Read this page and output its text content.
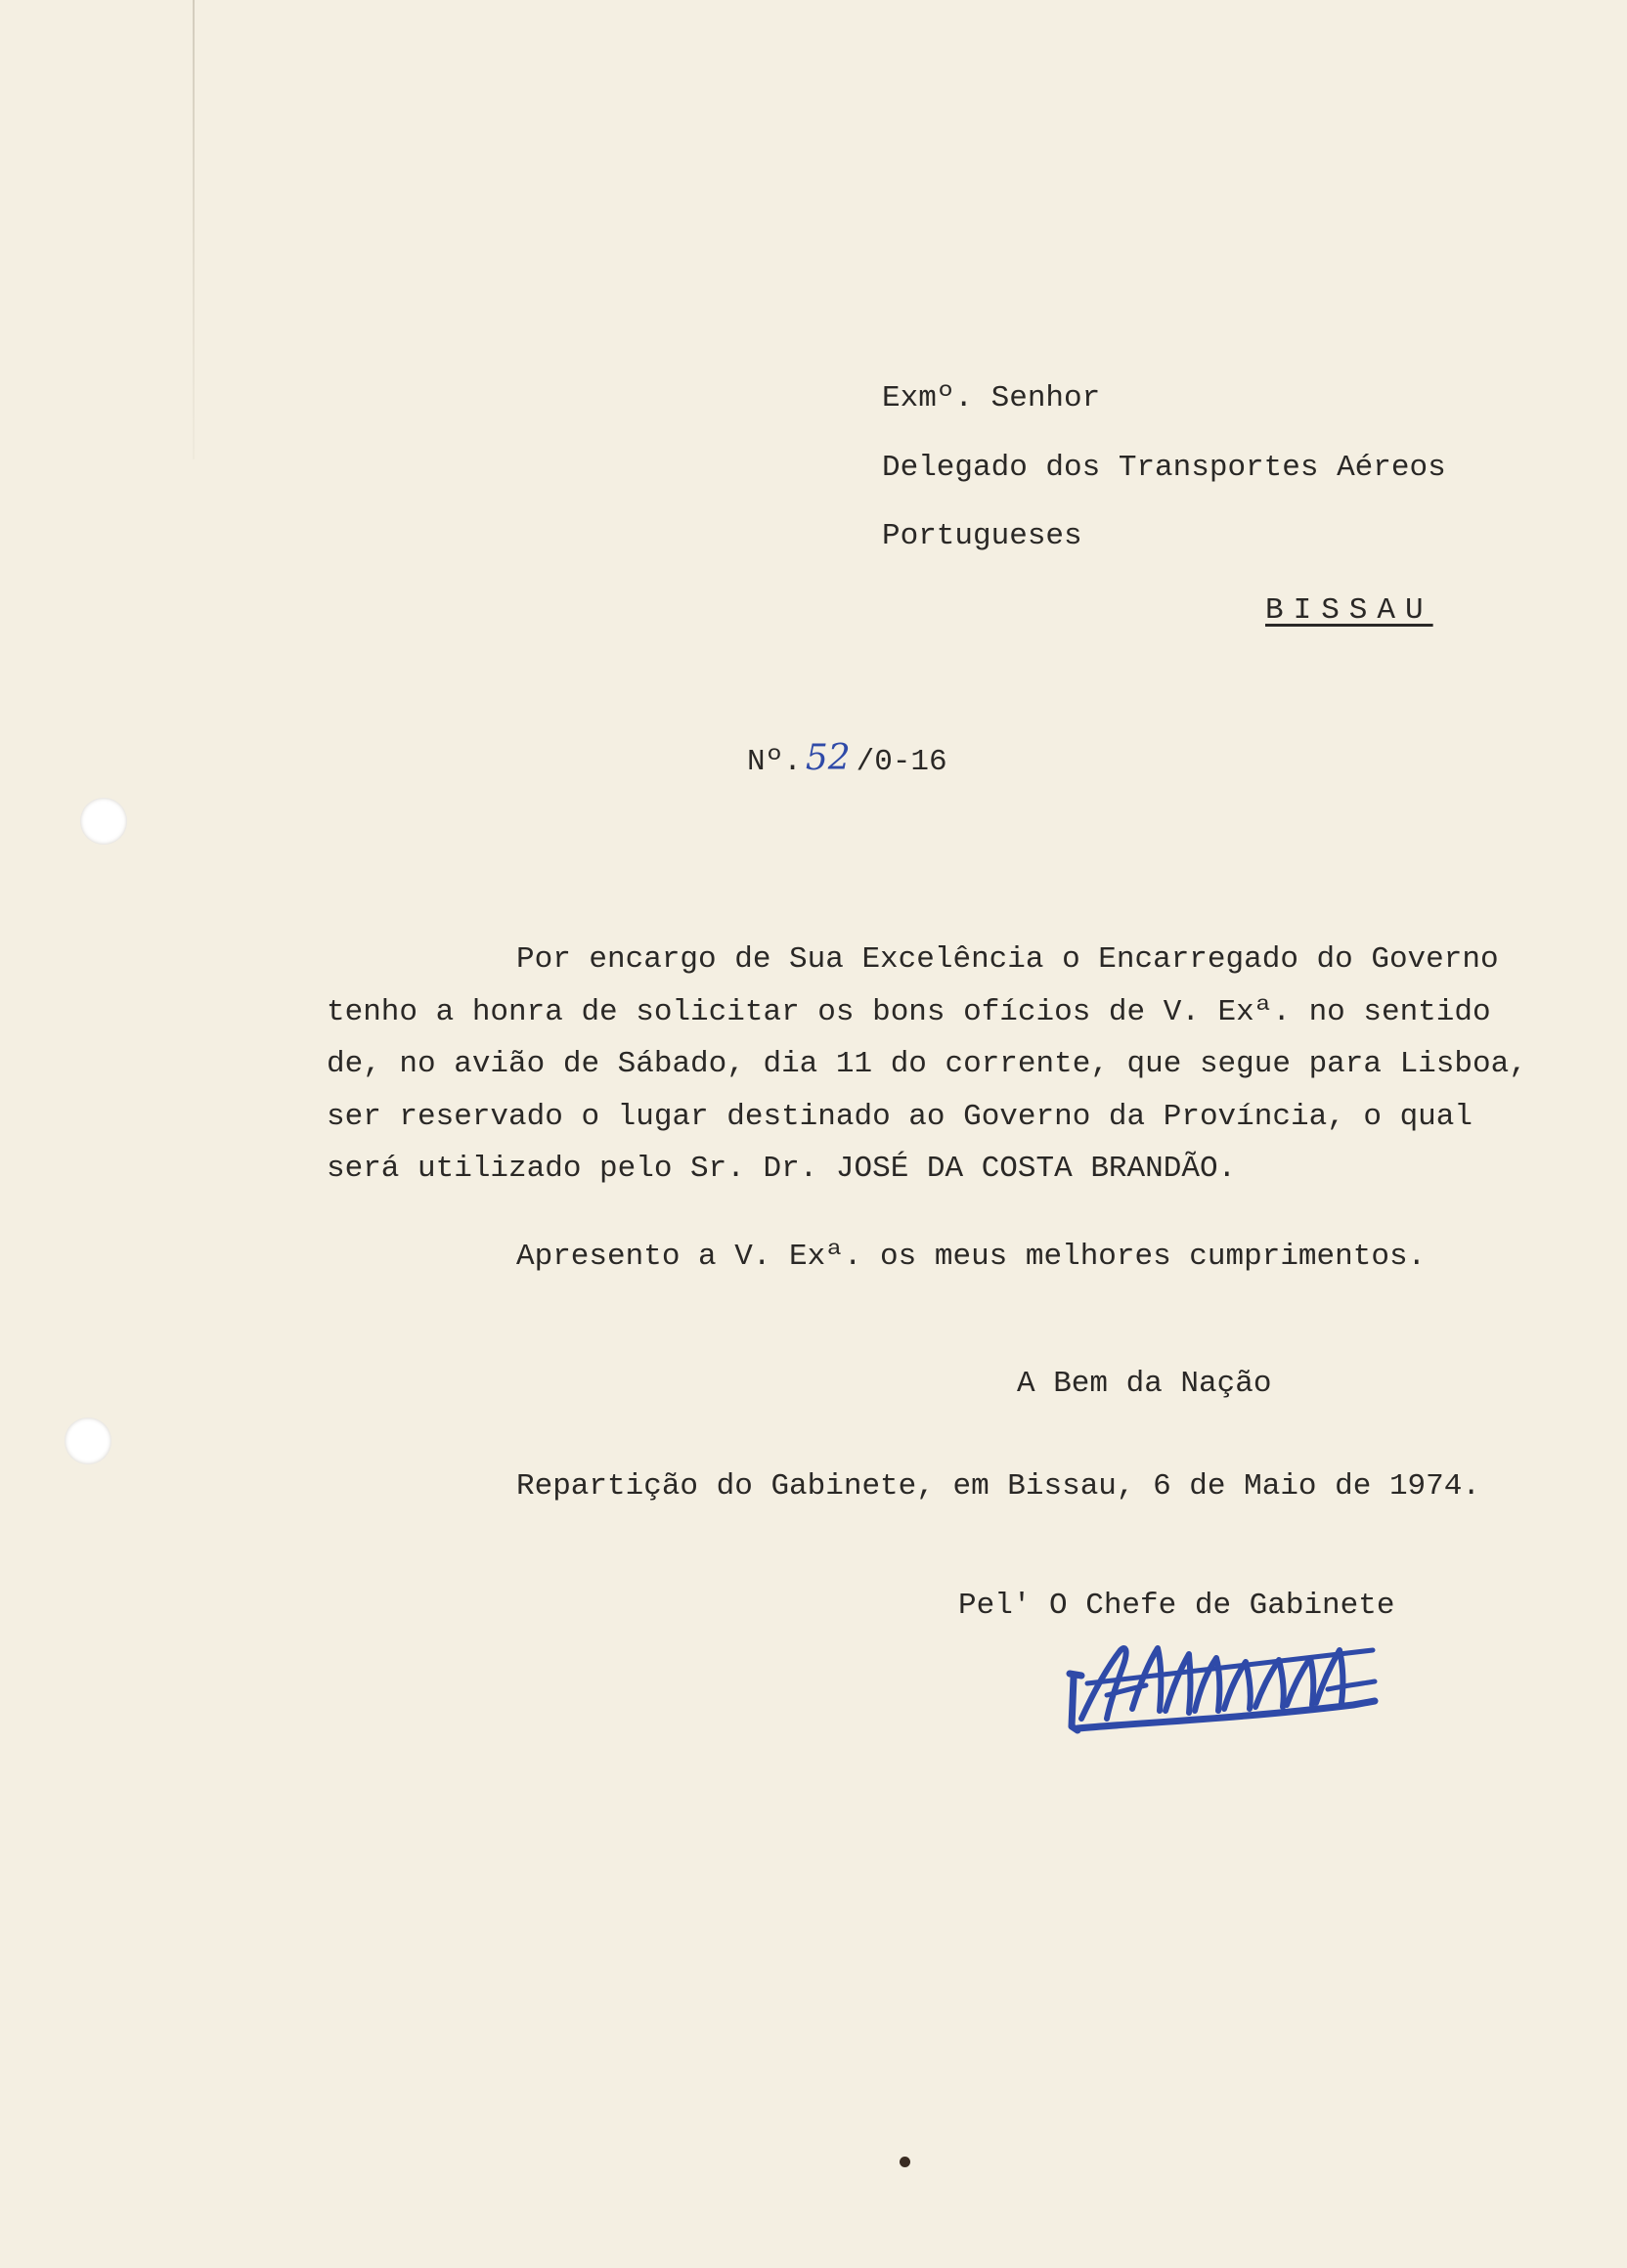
Exmº. Senhor
Delegado dos Transportes Aéreos
Portugueses
BISSAU
Nº. 52 /0-16
Por encargo de Sua Excelência o Encarregado do Governo
tenho a honra de solicitar os bons ofícios de V. Exª. no sentido
de, no avião de Sábado, dia 11 do corrente, que segue para Lisboa,
ser reservado o lugar destinado ao Governo da Província, o qual
será utilizado pelo Sr. Dr. JOSÉ DA COSTA BRANDÃO.
Apresento a V. Exª. os meus melhores cumprimentos.
A Bem da Nação
Repartição do Gabinete, em Bissau, 6 de Maio de 1974.
Pel' O Chefe de Gabinete
